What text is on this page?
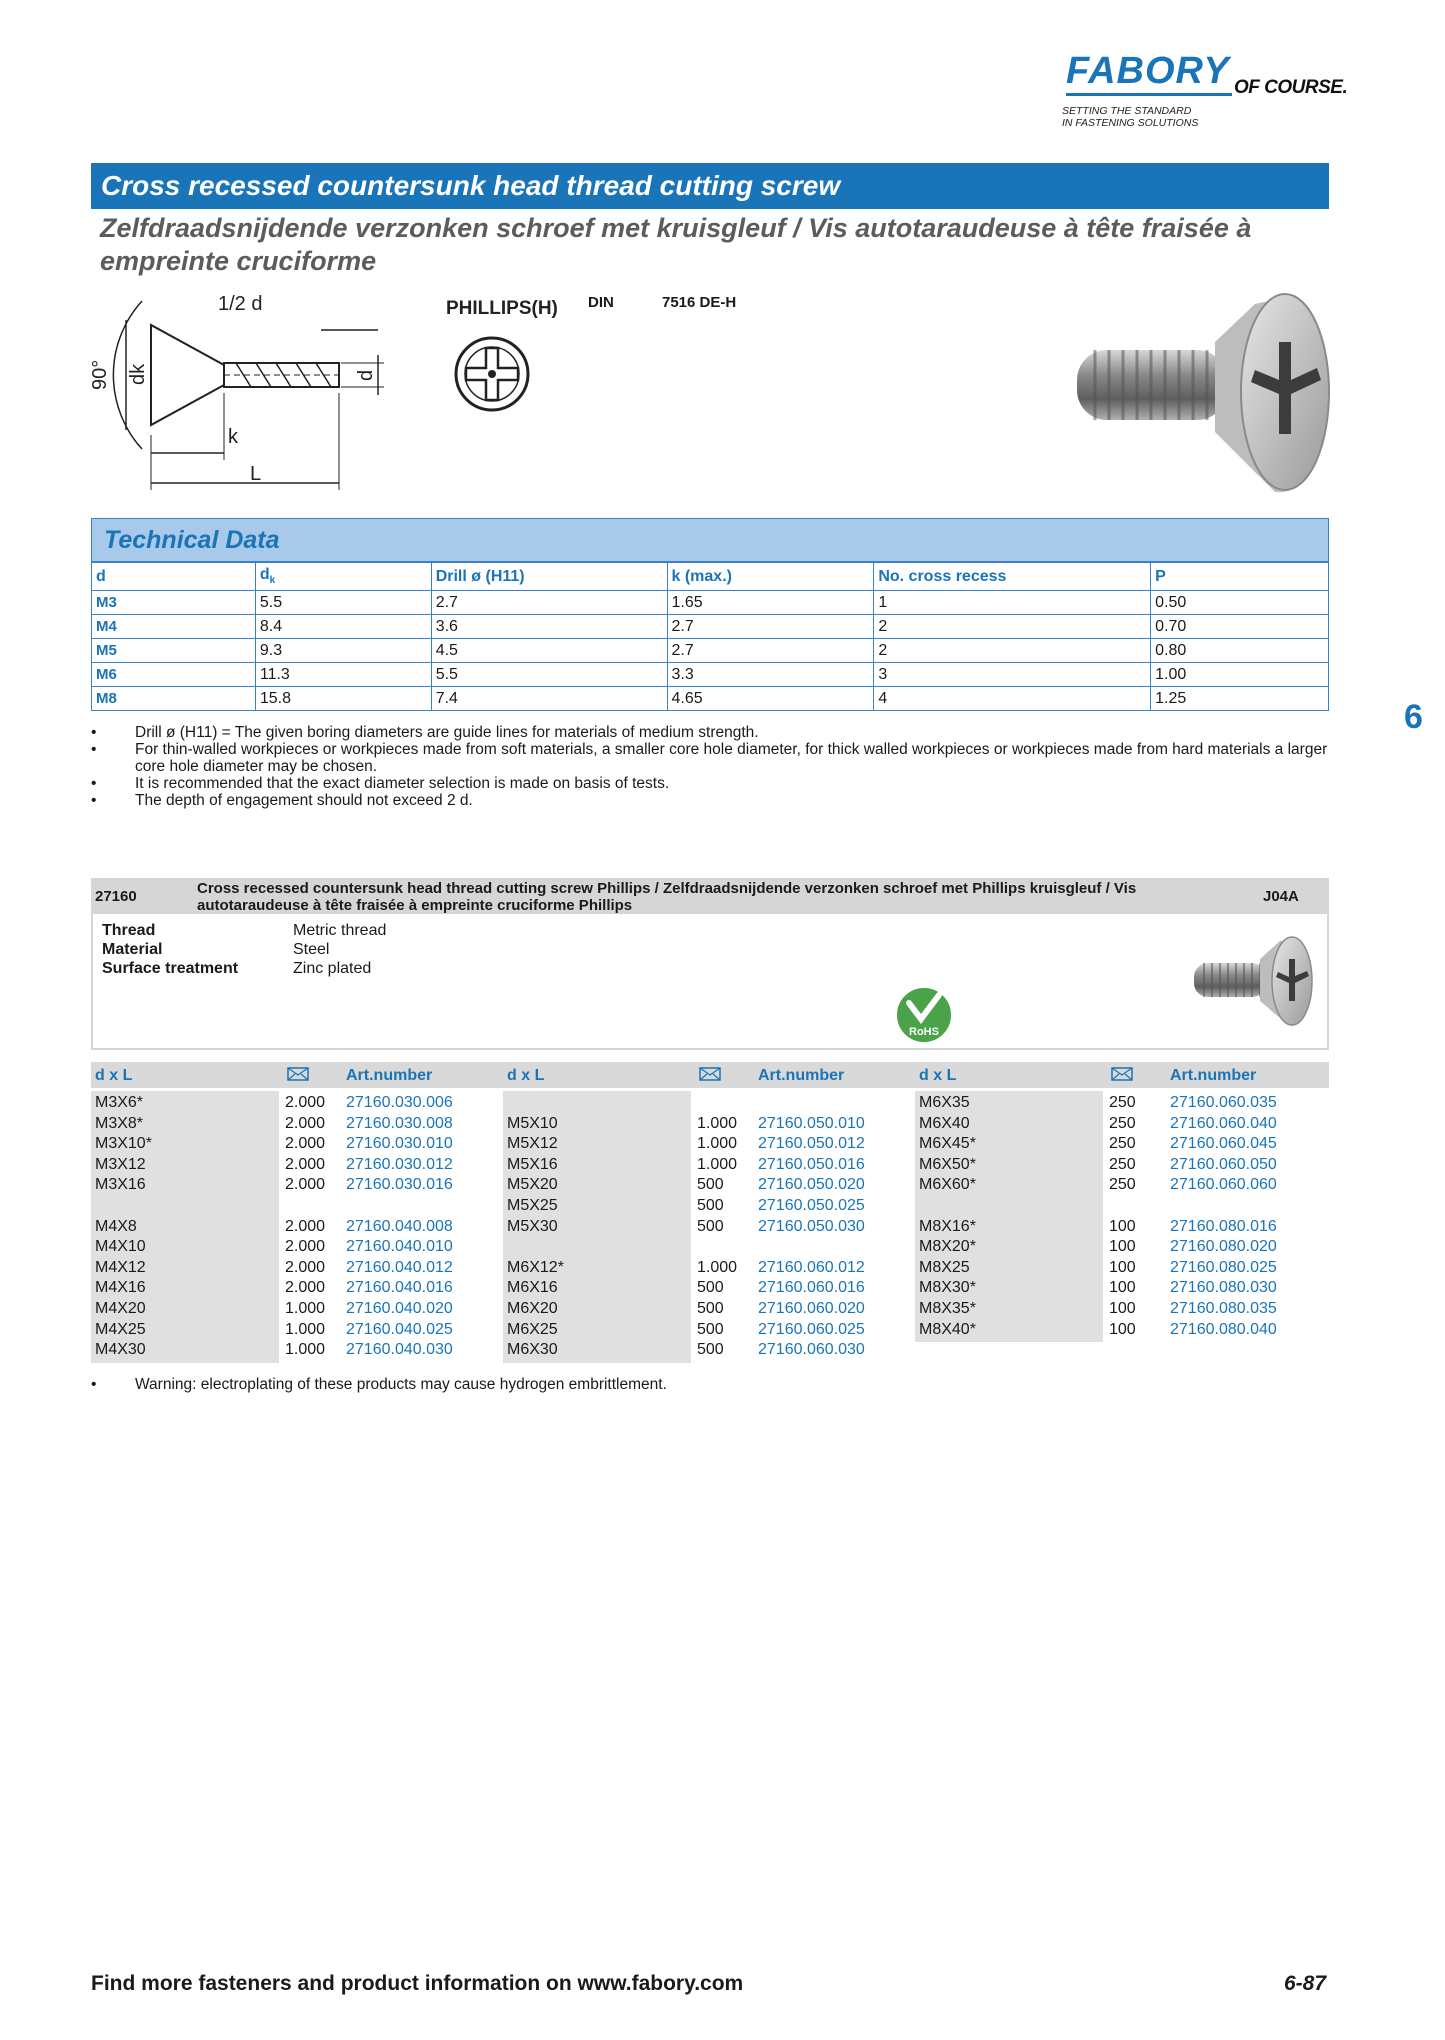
FABORY OF COURSE.
SETTING THE STANDARD
IN FASTENING SOLUTIONS
Cross recessed countersunk head thread cutting screw
Zelfdraadsnijdende verzonken schroef met kruisgleuf / Vis autotaraudeuse à tête fraisée à empreinte cruciforme
1/2 d
90° dk	d
k
L
PHILLIPS(H) DIN	7516 DE-H
Technical Data
d	$d_k$	Drill ø (H11)	k (max.)	No. cross recess	P
M3	5.5	2.7	1.65	1	0.50
M4	8.4	3.6	2.7	2	0.70
M5	9.3	4.5	2.7	2	0.80
M6	11.3	5.5	3.3	3	1.00
M8	15.8	7.4	4.65	4	1.25
• Drill ø (H11) = The given boring diameters are guide lines for materials of medium strength.
• For thin-walled workpieces or workpieces made from soft materials, a smaller core hole diameter, for thick walled workpieces or workpieces made from hard materials a larger core hole diameter may be chosen.
• It is recommended that the exact diameter selection is made on basis of tests.
• The depth of engagement should not exceed 2 d.
6
27160	Cross recessed countersunk head thread cutting screw Phillips / Zelfdraadsnijdende verzonken schroef met Phillips kruisgleuf / Vis autotaraudeuse à tête fraisée à empreinte cruciforme Phillips
J04A
Thread	Metric thread
Material	Steel
Surface treatment	Zinc plated
RoHS
d x L	Art.number
M3X6*	2.000 27160.030.006
M3X8*	2.000 27160.030.008
M3X10*	2.000 27160.030.010
M3X12	2.000 27160.030.012
M3X16	2.000 27160.030.016
M4X8	2.000 27160.040.008
M4X10	2.000 27160.040.010
M4X12	2.000 27160.040.012
M4X16	2.000 27160.040.016
M4X20	1.000 27160.040.020
M4X25	1.000 27160.040.025
M4X30	1.000 27160.040.030
d x L	Art.number
M5X10	1.000 27160.050.010
M5X12	1.000 27160.050.012
M5X16	1.000 27160.050.016
M5X20	500 27160.050.020
M5X25	500 27160.050.025
M5X30	500 27160.050.030
M6X12*	1.000 27160.060.012
M6X16	500 27160.060.016
M6X20	500 27160.060.020
M6X25	500 27160.060.025
M6X30	500 27160.060.030
d x L	Art.number
M6X35	250 27160.060.035
M6X40	250 27160.060.040
M6X45*	250 27160.060.045
M6X50*	250 27160.060.050
M6X60*	250 27160.060.060
M8X16*	100 27160.080.016
M8X20*	100 27160.080.020
M8X25	100 27160.080.025
M8X30*	100 27160.080.030
M8X35*	100 27160.080.035
M8X40*	100 27160.080.040
• Warning: electroplating of these products may cause hydrogen embrittlement.
Find more fasteners and product information on www.fabory.com	6-87
